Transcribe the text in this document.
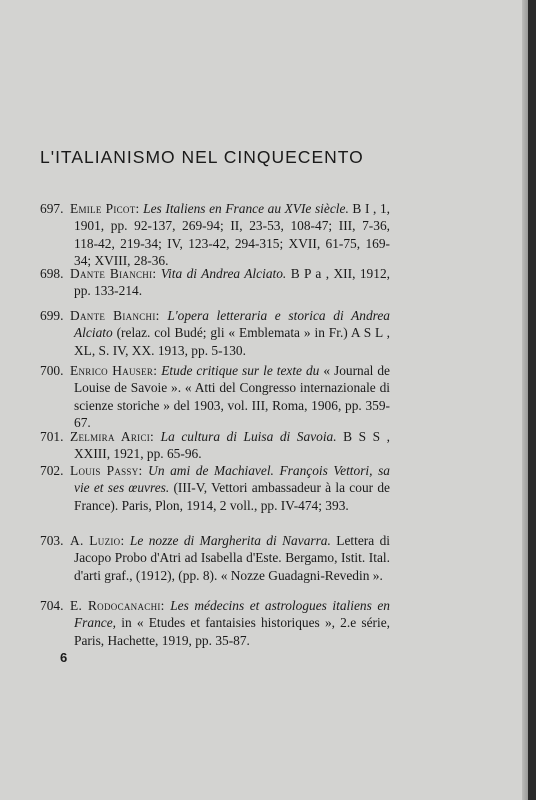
L'ITALIANISMO NEL CINQUECENTO
697. Emile Picot: Les Italiens en France au XVIe siècle. B I , 1, 1901, pp. 92-137, 269-94; II, 23-53, 108-47; III, 7-36, 118-42, 219-34; IV, 123-42, 294-315; XVII, 61-75, 169-34; XVIII, 28-36.
698. Dante Bianchi: Vita di Andrea Alciato. B P a , XII, 1912, pp. 133-214.
699. Dante Bianchi: L'opera letteraria e storica di Andrea Alciato (relaz. col Budé; gli « Emblemata » in Fr.) A S L , XL, S. IV, XX. 1913, pp. 5-130.
700. Enrico Hauser: Etude critique sur le texte du « Journal de Louise de Savoie ». « Atti del Congresso internazionale di scienze storiche » del 1903, vol. III, Roma, 1906, pp. 359-67.
701. Zelmira Arici: La cultura di Luisa di Savoia. B S S , XXIII, 1921, pp. 65-96.
702. Louis Passy: Un ami de Machiavel. François Vettori, sa vie et ses œuvres. (III-V, Vettori ambassadeur à la cour de France). Paris, Plon, 1914, 2 voll., pp. IV-474; 393.
703. A. Luzio: Le nozze di Margherita di Navarra. Lettera di Jacopo Probo d'Atri ad Isabella d'Este. Bergamo, Istit. Ital. d'arti graf., (1912), (pp. 8). « Nozze Guadagni-Revedin ».
704. E. Rodocanachi: Les médecins et astrologues italiens en France, in « Etudes et fantaisies historiques », 2.e série, Paris, Hachette, 1919, pp. 35-87.
6
